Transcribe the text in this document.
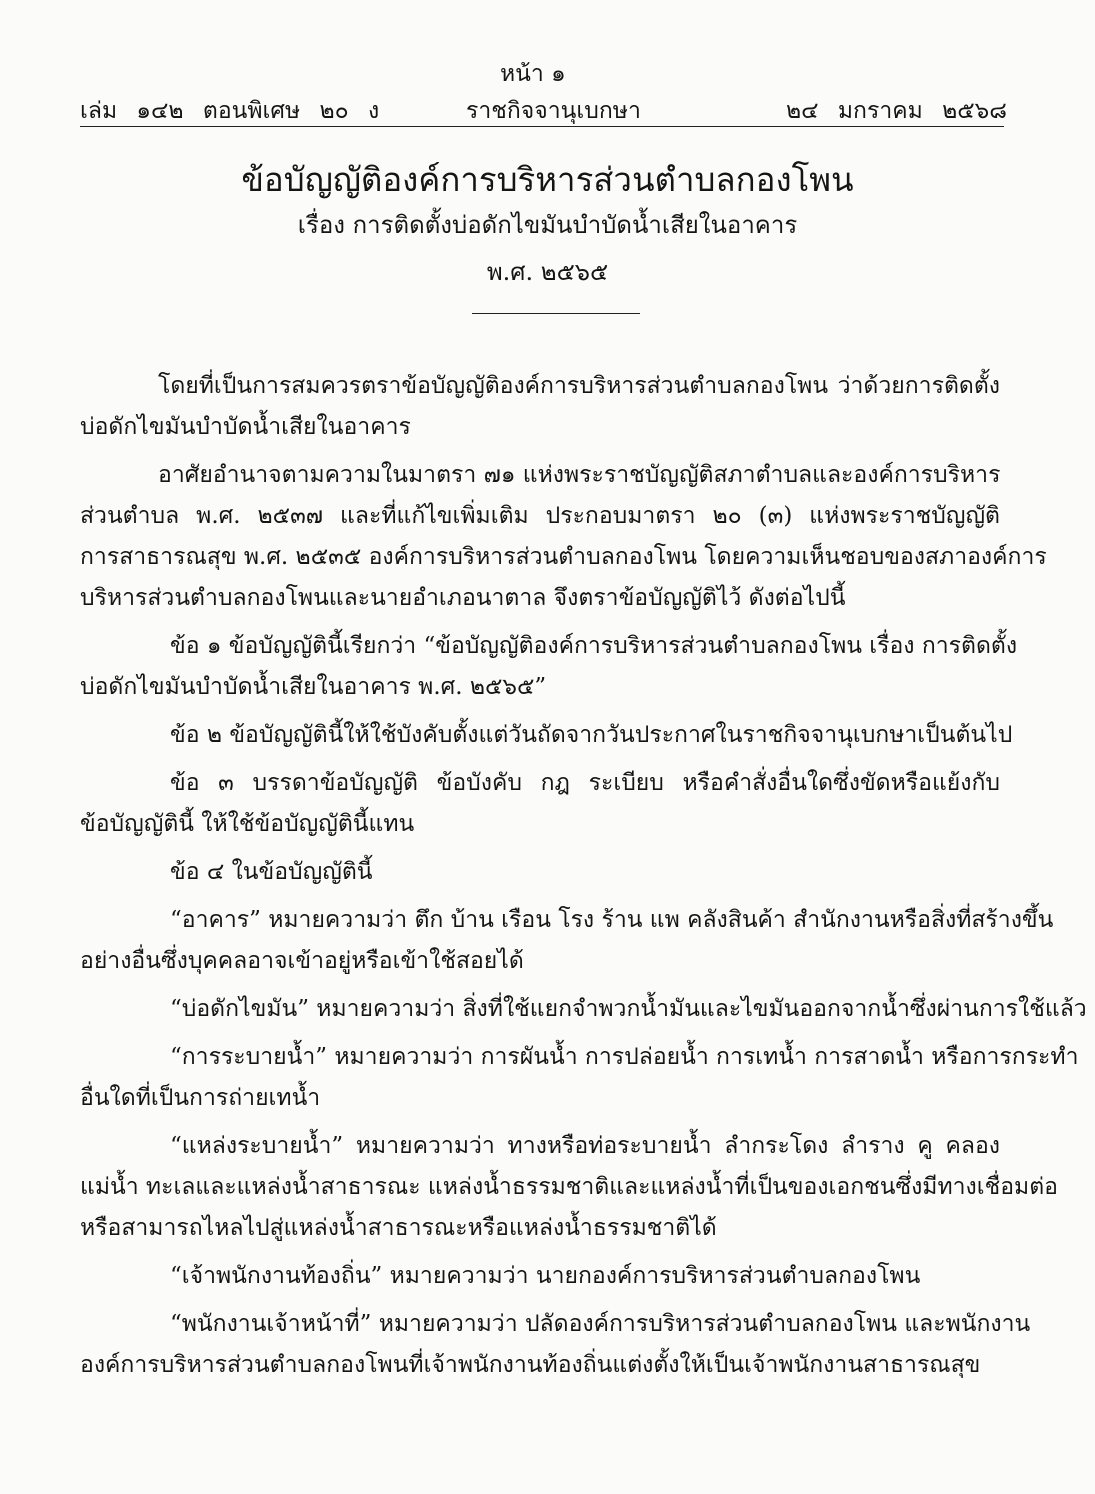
หน้า ๑
เล่ม ๑๔๒ ตอนพิเศษ ๒๐ ง	ราชกิจจานุเบกษา	๒๔ มกราคม ๒๕๖๘
ข้อบัญญัติองค์การบริหารส่วนตำบลกองโพน
เรื่อง การติดตั้งบ่อดักไขมันบำบัดน้ำเสียในอาคาร
พ.ศ. ๒๕๖๕
โดยที่เป็นการสมควรตราข้อบัญญัติองค์การบริหารส่วนตำบลกองโพน ว่าด้วยการติดตั้ง
บ่อดักไขมันบำบัดน้ำเสียในอาคาร
อาศัยอำนาจตามความในมาตรา ๗๑ แห่งพระราชบัญญัติสภาตำบลและองค์การบริหาร
ส่วนตำบล พ.ศ. ๒๕๓๗ และที่แก้ไขเพิ่มเติม ประกอบมาตรา ๒๐ (๓) แห่งพระราชบัญญัติ
การสาธารณสุข พ.ศ. ๒๕๓๕ องค์การบริหารส่วนตำบลกองโพน โดยความเห็นชอบของสภาองค์การ
บริหารส่วนตำบลกองโพนและนายอำเภอนาตาล จึงตราข้อบัญญัติไว้ ดังต่อไปนี้
ข้อ ๑ ข้อบัญญัตินี้เรียกว่า “ข้อบัญญัติองค์การบริหารส่วนตำบลกองโพน เรื่อง การติดตั้ง
บ่อดักไขมันบำบัดน้ำเสียในอาคาร พ.ศ. ๒๕๖๕”
ข้อ ๒ ข้อบัญญัตินี้ให้ใช้บังคับตั้งแต่วันถัดจากวันประกาศในราชกิจจานุเบกษาเป็นต้นไป
ข้อ ๓ บรรดาข้อบัญญัติ ข้อบังคับ กฎ ระเบียบ หรือคำสั่งอื่นใดซึ่งขัดหรือแย้งกับ
ข้อบัญญัตินี้ ให้ใช้ข้อบัญญัตินี้แทน
ข้อ ๔ ในข้อบัญญัตินี้
“อาคาร” หมายความว่า ตึก บ้าน เรือน โรง ร้าน แพ คลังสินค้า สำนักงานหรือสิ่งที่สร้างขึ้น
อย่างอื่นซึ่งบุคคลอาจเข้าอยู่หรือเข้าใช้สอยได้
“บ่อดักไขมัน” หมายความว่า สิ่งที่ใช้แยกจำพวกน้ำมันและไขมันออกจากน้ำซึ่งผ่านการใช้แล้ว
“การระบายน้ำ” หมายความว่า การผันน้ำ การปล่อยน้ำ การเทน้ำ การสาดน้ำ หรือการกระทำ
อื่นใดที่เป็นการถ่ายเทน้ำ
“แหล่งระบายน้ำ” หมายความว่า ทางหรือท่อระบายน้ำ ลำกระโดง ลำราง คู คลอง
แม่น้ำ ทะเลและแหล่งน้ำสาธารณะ แหล่งน้ำธรรมชาติและแหล่งน้ำที่เป็นของเอกชนซึ่งมีทางเชื่อมต่อ
หรือสามารถไหลไปสู่แหล่งน้ำสาธารณะหรือแหล่งน้ำธรรมชาติได้
“เจ้าพนักงานท้องถิ่น” หมายความว่า นายกองค์การบริหารส่วนตำบลกองโพน
“พนักงานเจ้าหน้าที่” หมายความว่า ปลัดองค์การบริหารส่วนตำบลกองโพน และพนักงาน
องค์การบริหารส่วนตำบลกองโพนที่เจ้าพนักงานท้องถิ่นแต่งตั้งให้เป็นเจ้าพนักงานสาธารณสุข
